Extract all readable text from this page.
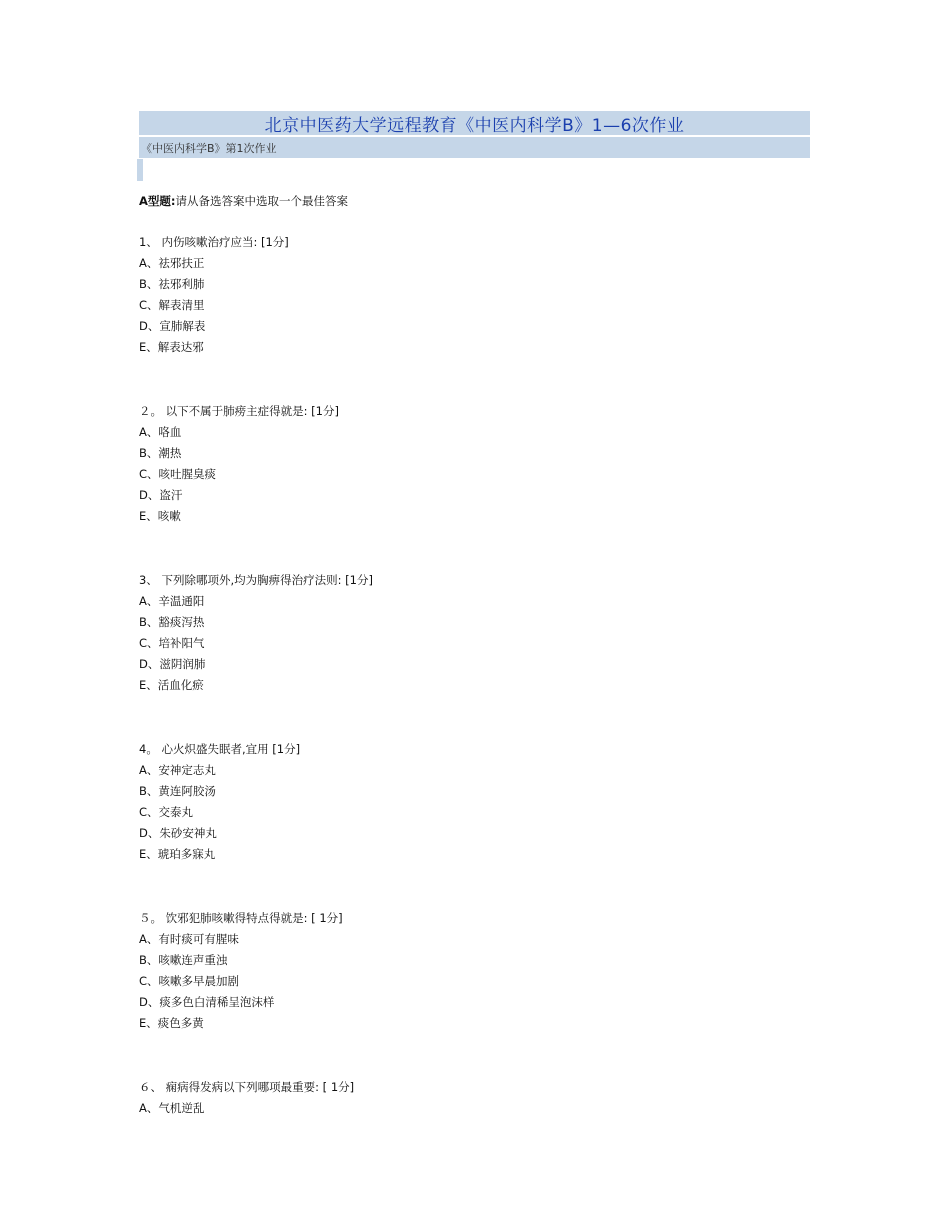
北京中医药大学远程教育《中医内科学B》1—6次作业
《中医内科学B》第1次作业
A型题:请从备选答案中选取一个最佳答案
1、 内伤咳嗽治疗应当: [1分]
A、祛邪扶正
B、祛邪利肺
C、解表清里
D、宣肺解表
E、解表达邪
２。 以下不属于肺痨主症得就是: [1分]
A、咯血
B、潮热
C、咳吐腥臭痰
D、盗汗
E、咳嗽
3、 下列除哪项外,均为胸痹得治疗法则: [1分]
A、辛温通阳
B、豁痰泻热
C、培补阳气
D、滋阴润肺
E、活血化瘀
4。 心火炽盛失眠者,宜用 [1分]
A、安神定志丸
B、黄连阿胶汤
C、交泰丸
D、朱砂安神丸
E、琥珀多寐丸
５。 饮邪犯肺咳嗽得特点得就是: [ 1分]
A、有时痰可有腥味
B、咳嗽连声重浊
C、咳嗽多早晨加剧
D、痰多色白清稀呈泡沫样
E、痰色多黄
６、 痫病得发病以下列哪项最重要: [ 1分]
A、气机逆乱
